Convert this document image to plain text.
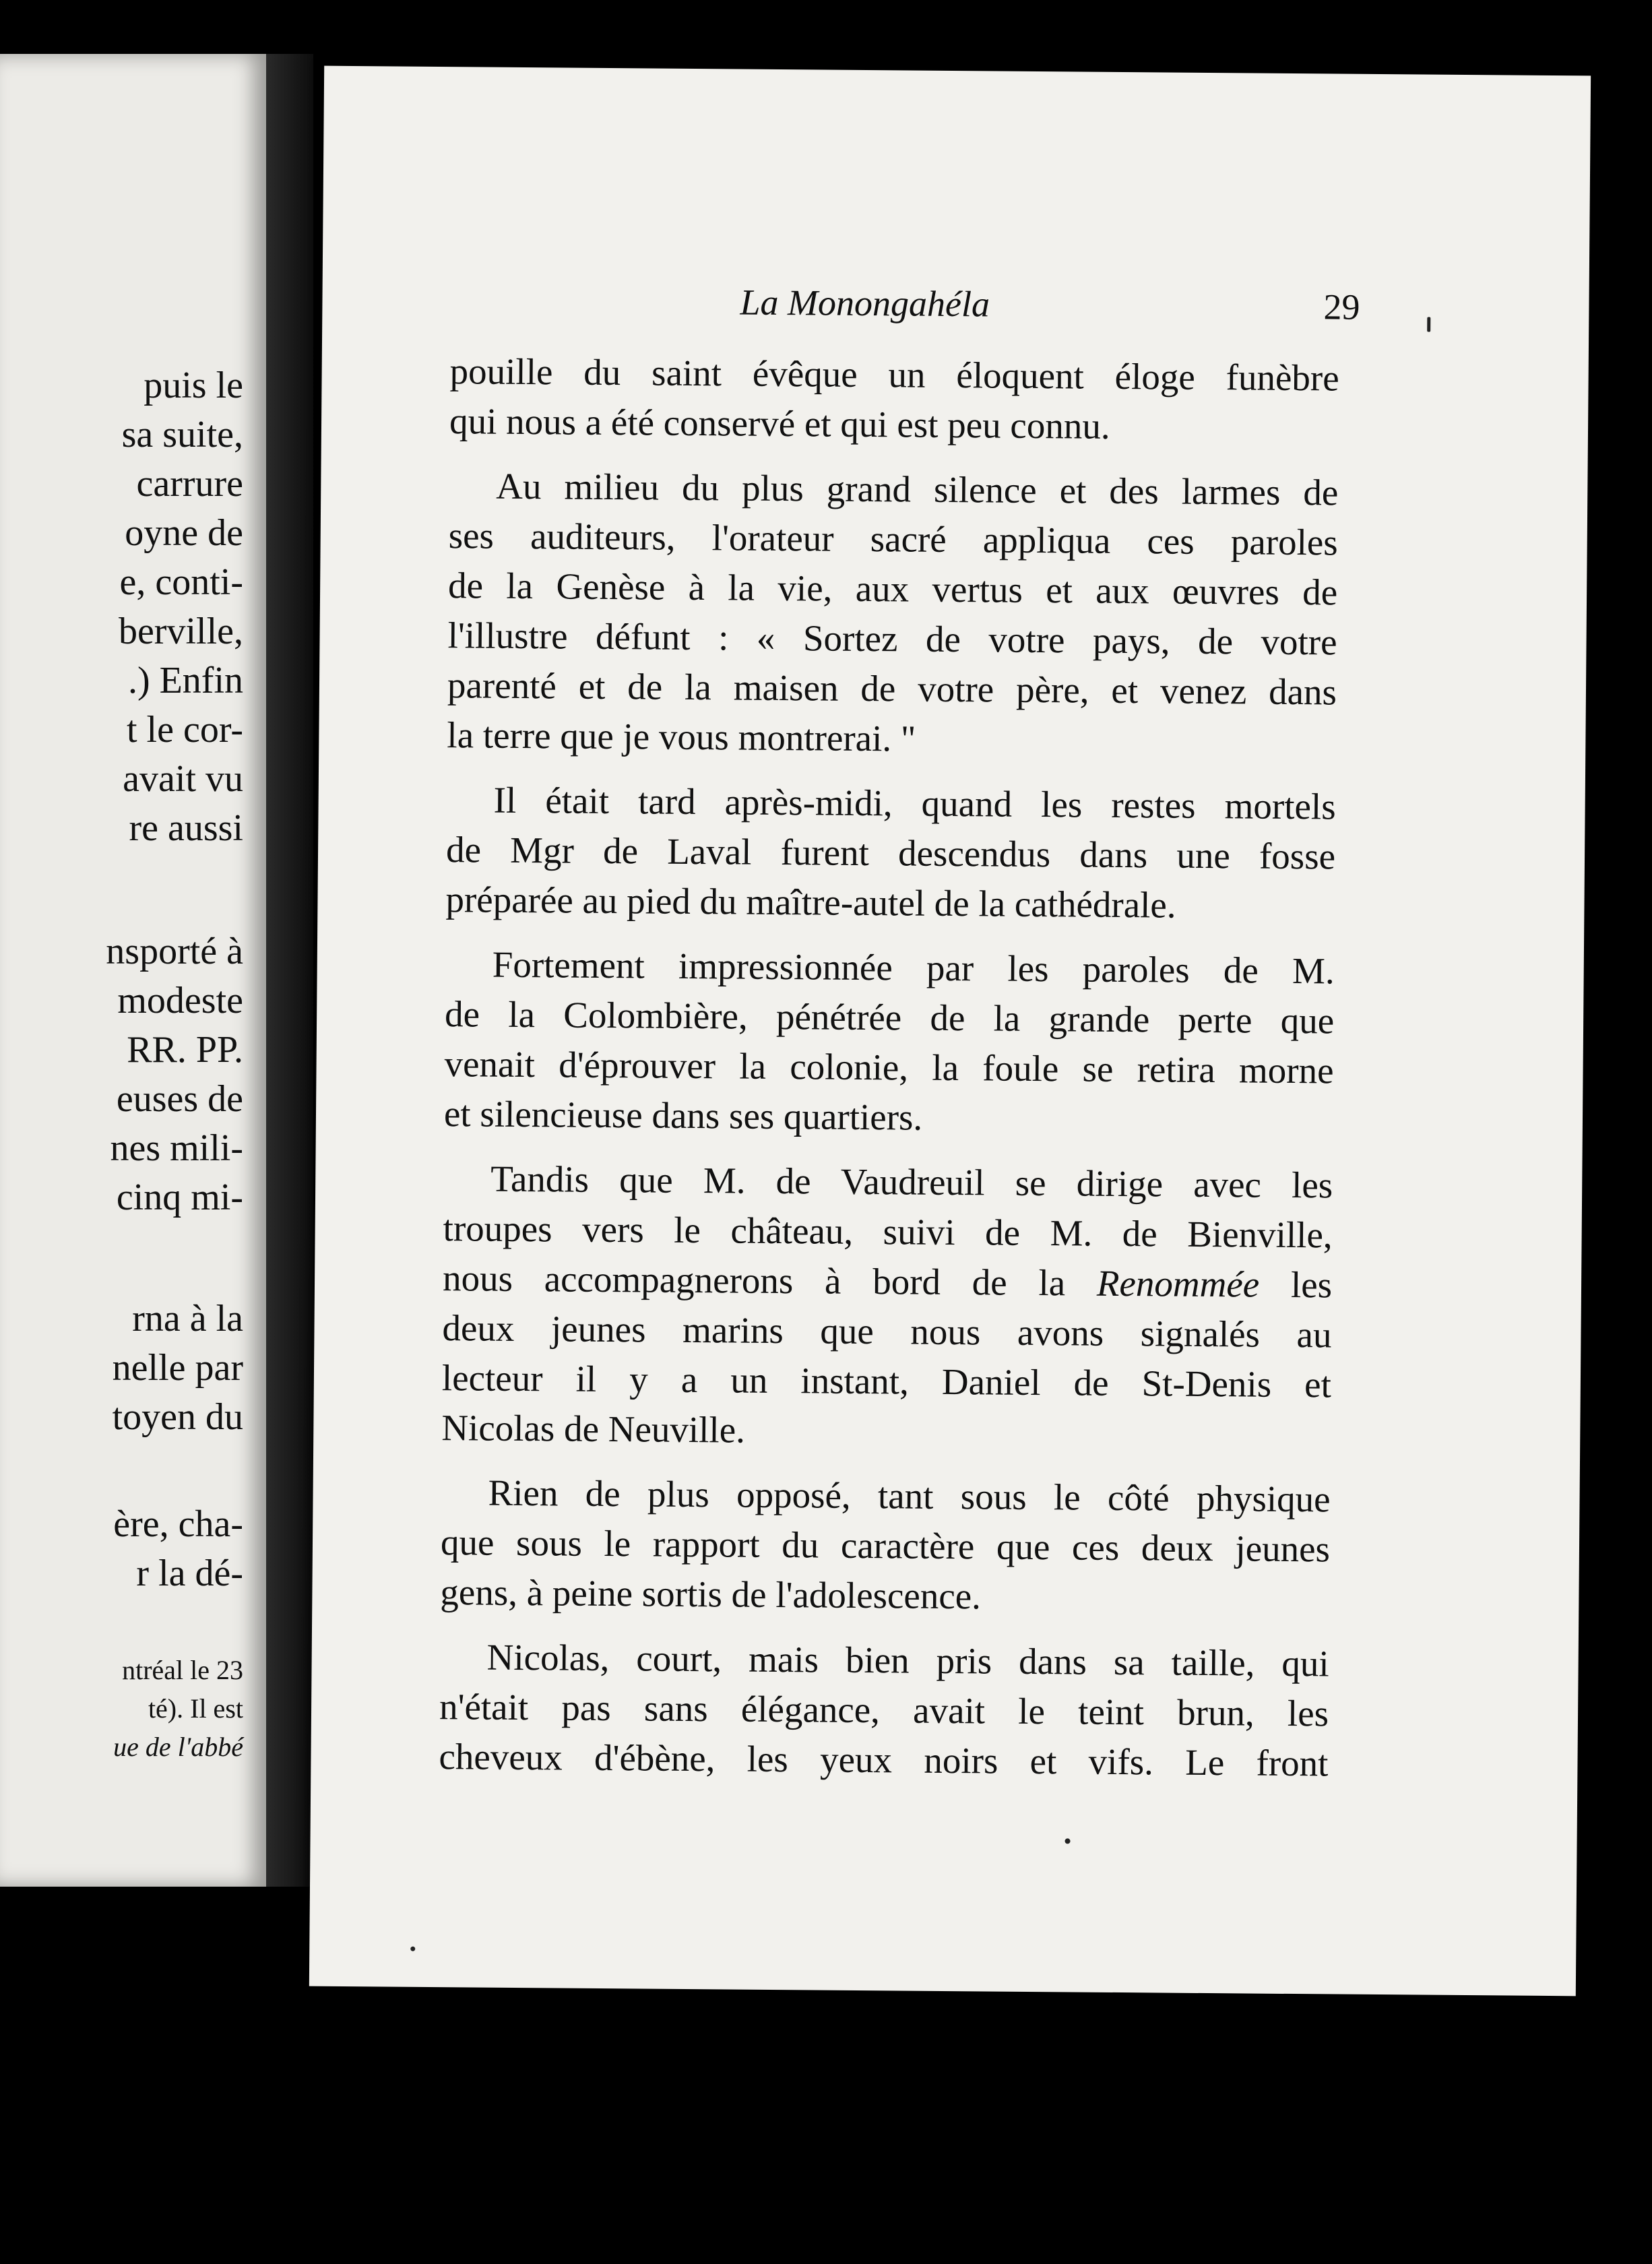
puis le
sa suite,
carrure
oyne de
e, conti-
berville,
.) Enfin
t le cor-
avait vu
re aussi
nsporté à
modeste
RR. PP.
euses de
nes mili-
cinq mi-
rna à la
nelle par
toyen du
ère, cha-
r la dé-
ntréal le 23
té). Il est
ue de l'abbé
La Monongahéla	29
pouille du saint évêque un éloquent éloge funèbre
qui nous a été conservé et qui est peu connu.
Au milieu du plus grand silence et des larmes de
ses auditeurs, l'orateur sacré appliqua ces paroles
de la Genèse à la vie, aux vertus et aux œuvres de
l'illustre défunt : « Sortez de votre pays, de votre
parenté et de la maisen de votre père, et venez dans
la terre que je vous montrerai. "
Il était tard après-midi, quand les restes mortels
de Mgr de Laval furent descendus dans une fosse
préparée au pied du maître-autel de la cathédrale.
Fortement impressionnée par les paroles de M.
de la Colombière, pénétrée de la grande perte que
venait d'éprouver la colonie, la foule se retira morne
et silencieuse dans ses quartiers.
Tandis que M. de Vaudreuil se dirige avec les
troupes vers le château, suivi de M. de Bienville,
nous accompagnerons à bord de la Renommée les
deux jeunes marins que nous avons signalés au
lecteur il y a un instant, Daniel de St-Denis et
Nicolas de Neuville.
Rien de plus opposé, tant sous le côté physique
que sous le rapport du caractère que ces deux jeunes
gens, à peine sortis de l'adolescence.
Nicolas, court, mais bien pris dans sa taille, qui
n'était pas sans élégance, avait le teint brun, les
cheveux d'ébène, les yeux noirs et vifs. Le front
